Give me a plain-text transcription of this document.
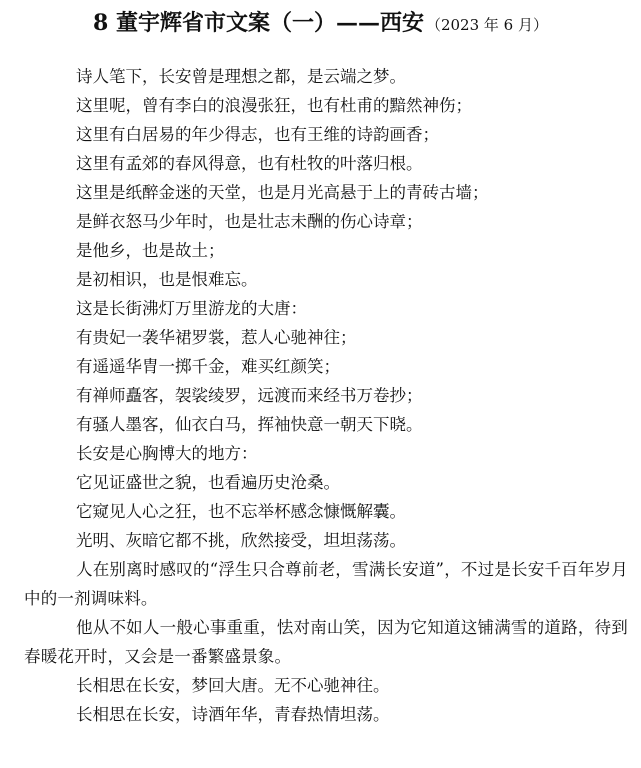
8 董宇辉省市文案（一）——西安 （2023 年 6 月）

诗人笔下，长安曾是理想之都，是云端之梦。

这里呢，曾有李白的浪漫张狂，也有杜甫的黯然神伤；

这里有白居易的年少得志，也有王维的诗韵画香；

这里有孟郊的春风得意，也有杜牧的叶落归根。

这里是纸醉金迷的天堂，也是月光高悬于上的青砖古墙；

是鲜衣怒马少年时，也是壮志未酬的伤心诗章；

是他乡，也是故土；

是初相识，也是恨难忘。

这是长街沸灯万里游龙的大唐：

有贵妃一袭华裙罗裳，惹人心驰神往；

有遥遥华胄一掷千金，难买红颜笑；

有禅师矗客，袈裟绫罗，远渡而来经书万卷抄；

有骚人墨客，仙衣白马，挥袖快意一朝天下晓。

长安是心胸博大的地方：

它见证盛世之貌，也看遍历史沧桑。

它窥见人心之狂，也不忘举杯感念慷慨解囊。

光明、灰暗它都不挑，欣然接受，坦坦荡荡。

人在别离时感叹的“浮生只合尊前老，雪满长安道”，不过是长安千百年岁月中的一剂调味料。

他从不如人一般心事重重，怯对南山笑，因为它知道这铺满雪的道路，待到春暖花开时，又会是一番繁盛景象。

长相思在长安，梦回大唐。无不心驰神往。

长相思在长安，诗酒年华，青春热情坦荡。
